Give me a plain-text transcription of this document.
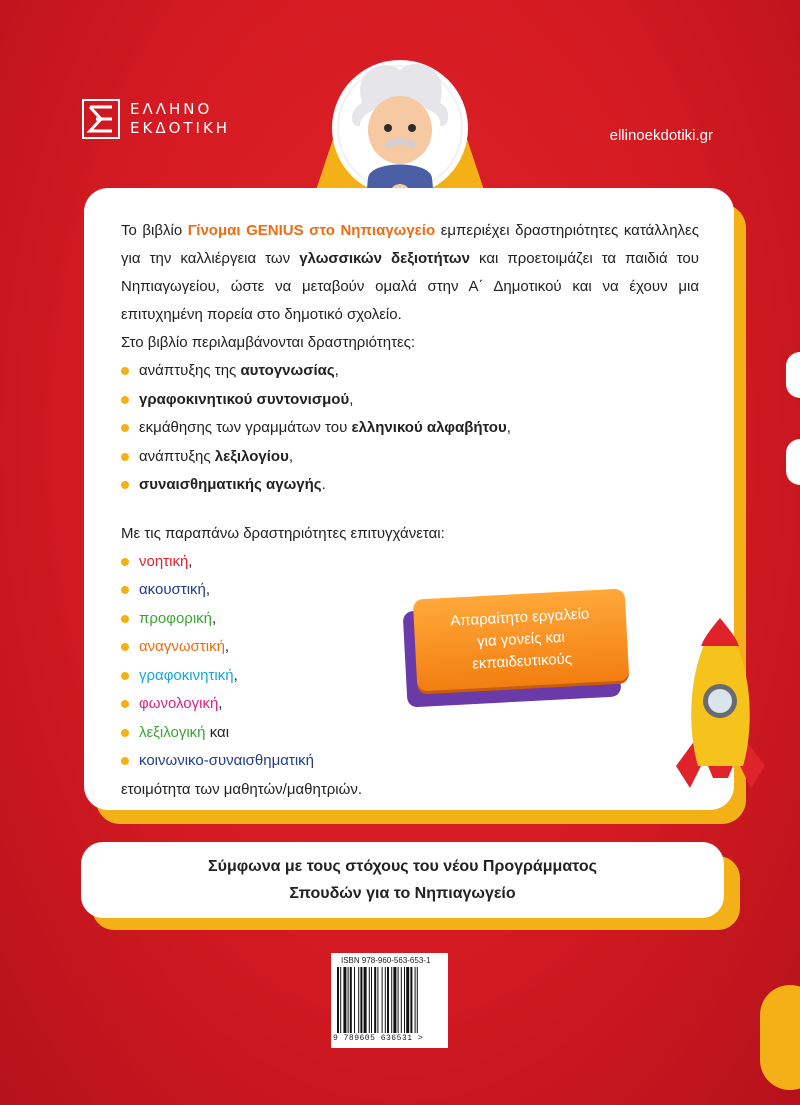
ΕΛΛΗΝΟ
ΕΚΔΟΤΙΚΗ	ellinoekdotiki.gr

Το βιβλίο Γίνομαι GENIUS στο Νηπιαγωγείο εμπεριέχει δραστηριότητες κατάλληλες για την καλλιέργεια των γλωσσικών δεξιοτήτων και προετοιμάζει τα παιδιά του Νηπιαγωγείου, ώστε να μεταβούν ομαλά στην Α΄ Δημοτικού και να έχουν μια επιτυχημένη πορεία στο δημοτικό σχολείο.

Στο βιβλίο περιλαμβάνονται δραστηριότητες:
ανάπτυξης της αυτογνωσίας,
γραφοκινητικού συντονισμού,
εκμάθησης των γραμμάτων του ελληνικού αλφαβήτου,
ανάπτυξης λεξιλογίου,
συναισθηματικής αγωγής.
Με τις παραπάνω δραστηριότητες επιτυγχάνεται:
νοητική,
ακουστική,
προφορική,
αναγνωστική,
γραφοκινητική,
φωνολογική,
λεξιλογική και
κοινωνικο-συναισθηματική
ετοιμότητα των μαθητών/μαθητριών.
Απαραίτητο εργαλείο
για γονείς και
εκπαιδευτικούς
Σύμφωνα με τους στόχους του νέου Προγράμματος
Σπουδών για το Νηπιαγωγείο
ISBN 978-960-563-653-1
9 789605 636531 >
